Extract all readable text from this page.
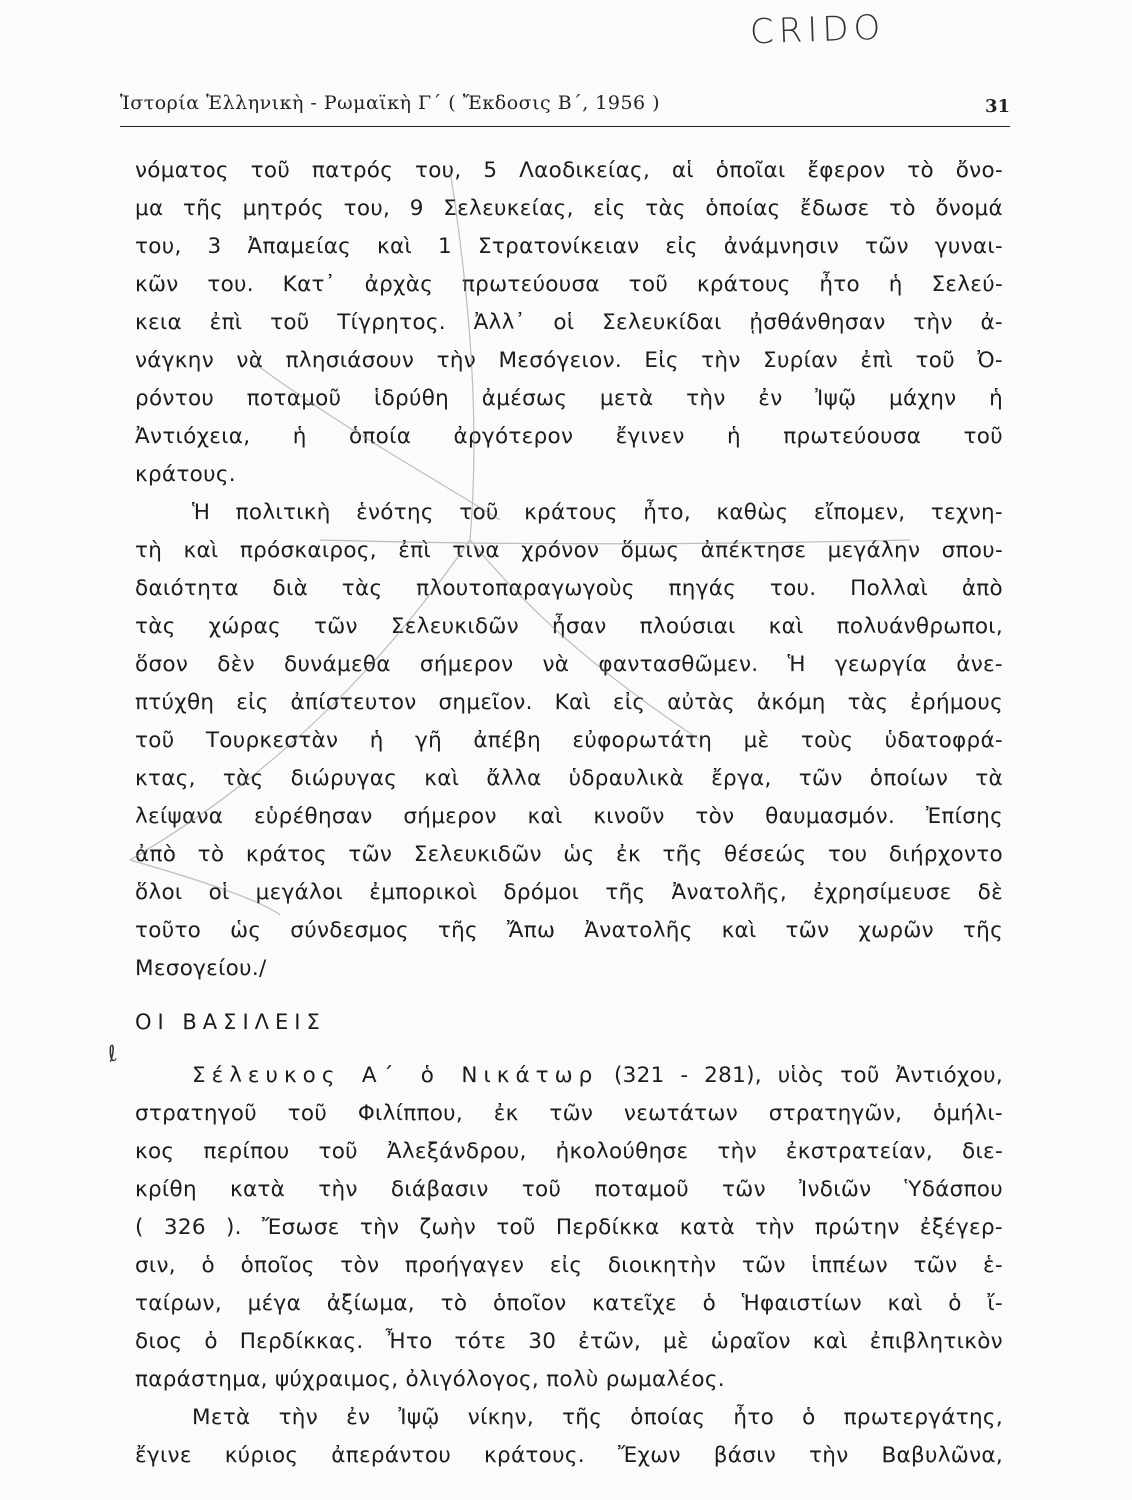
CRIDO
Ἱστορία Ἑλληνικὴ - Ρωμαϊκὴ Γ΄ ( Ἔκδοσις Β΄, 1956 )	31
νόματος τοῦ πατρός του, 5 Λαοδικείας, αἱ ὁποῖαι ἔφερον τὸ ὄνο-
μα τῆς μητρός του, 9 Σελευκείας, εἰς τὰς ὁποίας ἔδωσε τὸ ὄνομά
του, 3 Ἀπαμείας καὶ 1 Στρατονίκειαν εἰς ἀνάμνησιν τῶν γυναι-
κῶν του. Κατ᾿ ἀρχὰς πρωτεύουσα τοῦ κράτους ἦτο ἡ Σελεύ-
κεια ἐπὶ τοῦ Τίγρητος. Ἀλλ᾿ οἱ Σελευκίδαι ᾐσθάνθησαν τὴν ἀ-
νάγκην νὰ πλησιάσουν τὴν Μεσόγειον. Εἰς τὴν Συρίαν ἐπὶ τοῦ Ὀ-
ρόντου ποταμοῦ ἱδρύθη ἀμέσως μετὰ τὴν ἐν Ἰψῷ μάχην ἡ
Ἀντιόχεια, ἡ ὁποία ἀργότερον ἔγινεν ἡ πρωτεύουσα τοῦ
κράτους.
Ἡ πολιτικὴ ἑνότης τοῦ κράτους ἦτο, καθὼς εἴπομεν, τεχνη-
τὴ καὶ πρόσκαιρος, ἐπὶ τινα χρόνον ὅμως ἀπέκτησε μεγάλην σπου-
δαιότητα διὰ τὰς πλουτοπαραγωγοὺς πηγάς του. Πολλαὶ ἀπὸ
τὰς χώρας τῶν Σελευκιδῶν ἦσαν πλούσιαι καὶ πολυάνθρωποι,
ὅσον δὲν δυνάμεθα σήμερον νὰ φαντασθῶμεν. Ἡ γεωργία ἀνε-
πτύχθη εἰς ἀπίστευτον σημεῖον. Καὶ εἰς αὐτὰς ἀκόμη τὰς ἐρήμους
τοῦ Τουρκεστὰν ἡ γῆ ἀπέβη εὐφορωτάτη μὲ τοὺς ὑδατοφρά-
κτας, τὰς διώρυγας καὶ ἄλλα ὑδραυλικὰ ἔργα, τῶν ὁποίων τὰ
λείψανα εὑρέθησαν σήμερον καὶ κινοῦν τὸν θαυμασμόν. Ἐπίσης
ἀπὸ τὸ κράτος τῶν Σελευκιδῶν ὡς ἐκ τῆς θέσεώς του διήρχοντο
ὅλοι οἱ μεγάλοι ἐμπορικοὶ δρόμοι τῆς Ἀνατολῆς, ἐχρησίμευσε δὲ
τοῦτο ὡς σύνδεσμος τῆς Ἄπω Ἀνατολῆς καὶ τῶν χωρῶν τῆς
Μεσογείου./
ΟΙ ΒΑΣΙΛΕΙΣ
ℓ
Σέλευκος Α΄ ὁ Νικάτωρ (321 - 281), υἱὸς τοῦ Ἀντιόχου,
στρατηγοῦ τοῦ Φιλίππου, ἐκ τῶν νεωτάτων στρατηγῶν, ὁμήλι-
κος περίπου τοῦ Ἀλεξάνδρου, ἠκολούθησε τὴν ἐκστρατείαν, διε-
κρίθη κατὰ τὴν διάβασιν τοῦ ποταμοῦ τῶν Ἰνδιῶν Ὑδάσπου
( 326 ). Ἔσωσε τὴν ζωὴν τοῦ Περδίκκα κατὰ τὴν πρώτην ἐξέγερ-
σιν, ὁ ὁποῖος τὸν προήγαγεν εἰς διοικητὴν τῶν ἱππέων τῶν ἑ-
ταίρων, μέγα ἀξίωμα, τὸ ὁποῖον κατεῖχε ὁ Ἡφαιστίων καὶ ὁ ἴ-
διος ὁ Περδίκκας. Ἦτο τότε 30 ἐτῶν, μὲ ὡραῖον καὶ ἐπιβλητικὸν
παράστημα, ψύχραιμος, ὀλιγόλογος, πολὺ ρωμαλέος.
Μετὰ τὴν ἐν Ἰψῷ νίκην, τῆς ὁποίας ἦτο ὁ πρωτεργάτης,
ἔγινε κύριος ἀπεράντου κράτους. Ἔχων βάσιν τὴν Βαβυλῶνα,
